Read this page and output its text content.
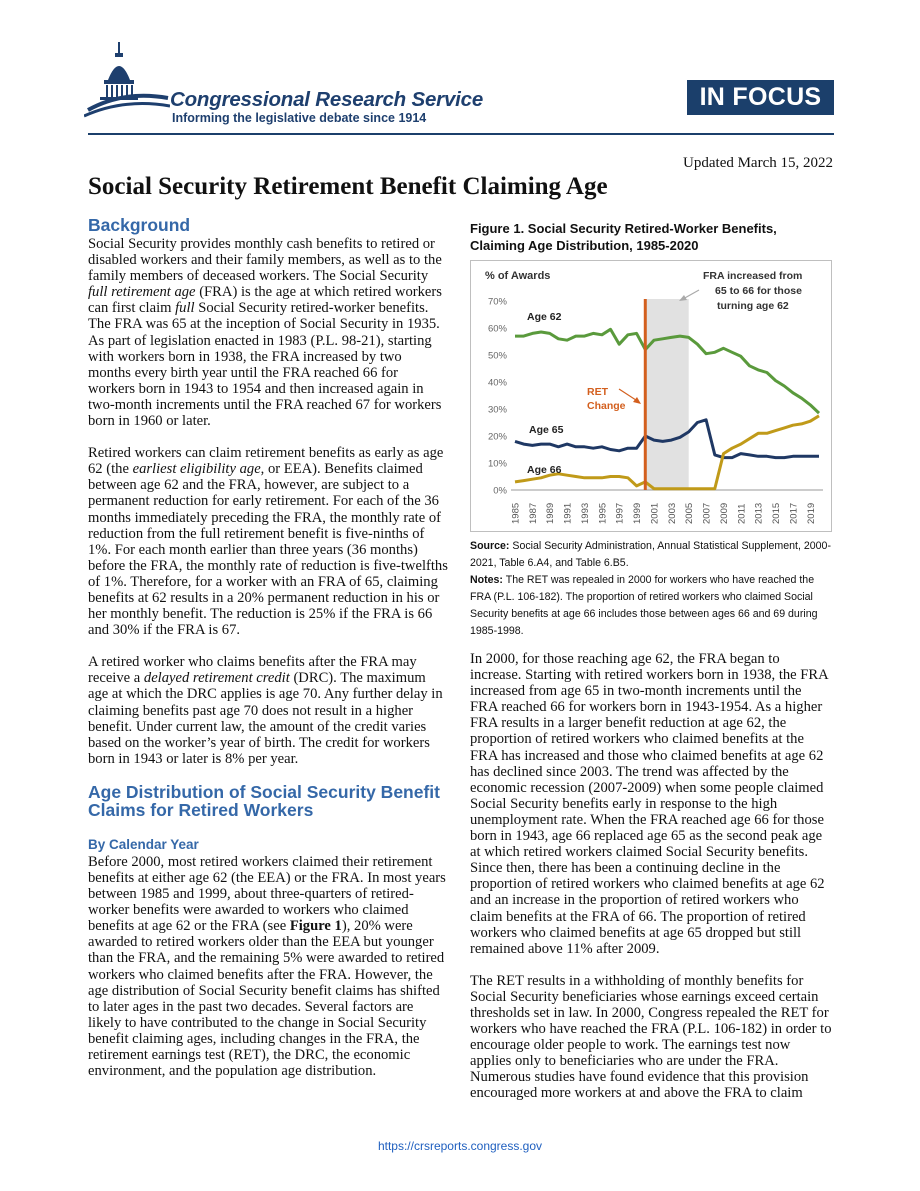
Congressional Research Service
Informing the legislative debate since 1914
IN FOCUS
Updated March 15, 2022
Social Security Retirement Benefit Claiming Age
Background

Social Security provides monthly cash benefits to retired or disabled workers and their family members, as well as to the family members of deceased workers. The Social Security full retirement age (FRA) is the age at which retired workers can first claim full Social Security retired-worker benefits. The FRA was 65 at the inception of Social Security in 1935. As part of legislation enacted in 1983 (P.L. 98-21), starting with workers born in 1938, the FRA increased by two months every birth year until the FRA reached 66 for workers born in 1943 to 1954 and then increased again in two-month increments until the FRA reached 67 for workers born in 1960 or later.

Retired workers can claim retirement benefits as early as age 62 (the earliest eligibility age, or EEA). Benefits claimed between age 62 and the FRA, however, are subject to a permanent reduction for early retirement. For each of the 36 months immediately preceding the FRA, the monthly rate of reduction from the full retirement benefit is five-ninths of 1%. For each month earlier than three years (36 months) before the FRA, the monthly rate of reduction is five-twelfths of 1%. Therefore, for a worker with an FRA of 65, claiming benefits at 62 results in a 20% permanent reduction in his or her monthly benefit. The reduction is 25% if the FRA is 66 and 30% if the FRA is 67.

A retired worker who claims benefits after the FRA may receive a delayed retirement credit (DRC). The maximum age at which the DRC applies is age 70. Any further delay in claiming benefits past age 70 does not result in a higher benefit. Under current law, the amount of the credit varies based on the worker’s year of birth. The credit for workers born in 1943 or later is 8% per year.

Age Distribution of Social Security Benefit Claims for Retired Workers
By Calendar Year

Before 2000, most retired workers claimed their retirement benefits at either age 62 (the EEA) or the FRA. In most years between 1985 and 1999, about three-quarters of retired-worker benefits were awarded to workers who claimed benefits at age 62 or the FRA (see Figure 1), 20% were awarded to retired workers older than the EEA but younger than the FRA, and the remaining 5% were awarded to retired workers who claimed benefits after the FRA. However, the age distribution of Social Security benefit claims has shifted to later ages in the past two decades. Several factors are likely to have contributed to the change in Social Security benefit claiming ages, including changes in the FRA, the retirement earnings test (RET), the DRC, the economic environment, and the population age distribution.

Figure 1. Social Security Retired-Worker Benefits, Claiming Age Distribution, 1985-2020
% of Awards
0%
10%
20%
30%
40%
50%
60%
70%
1985 1987 1989 1991 1993 1995 1997 1999 2001 2003 2005 2007 2009 2011 2013 2015 2017 2019
Age 62
Age 65
Age 66
RET
Change
FRA increased from
65 to 66 for those
turning age 62
Source: Social Security Administration, Annual Statistical Supplement, 2000-2021, Table 6.A4, and Table 6.B5.
Notes: The RET was repealed in 2000 for workers who have reached the FRA (P.L. 106-182). The proportion of retired workers who claimed Social Security benefits at age 66 includes those between ages 66 and 69 during 1985-1998.

In 2000, for those reaching age 62, the FRA began to increase. Starting with retired workers born in 1938, the FRA increased from age 65 in two-month increments until the FRA reached 66 for workers born in 1943-1954. As a higher FRA results in a larger benefit reduction at age 62, the proportion of retired workers who claimed benefits at the FRA has increased and those who claimed benefits at age 62 has declined since 2003. The trend was affected by the economic recession (2007-2009) when some people claimed Social Security benefits early in response to the high unemployment rate. When the FRA reached age 66 for those born in 1943, age 66 replaced age 65 as the second peak age at which retired workers claimed Social Security benefits. Since then, there has been a continuing decline in the proportion of retired workers who claimed benefits at age 62 and an increase in the proportion of retired workers who claim benefits at the FRA of 66. The proportion of retired workers who claimed benefits at age 65 dropped but still remained above 11% after 2009.

The RET results in a withholding of monthly benefits for Social Security beneficiaries whose earnings exceed certain thresholds set in law. In 2000, Congress repealed the RET for workers who have reached the FRA (P.L. 106-182) in order to encourage older people to work. The earnings test now applies only to beneficiaries who are under the FRA. Numerous studies have found evidence that this provision encouraged more workers at and above the FRA to claim

https://crsreports.congress.gov
